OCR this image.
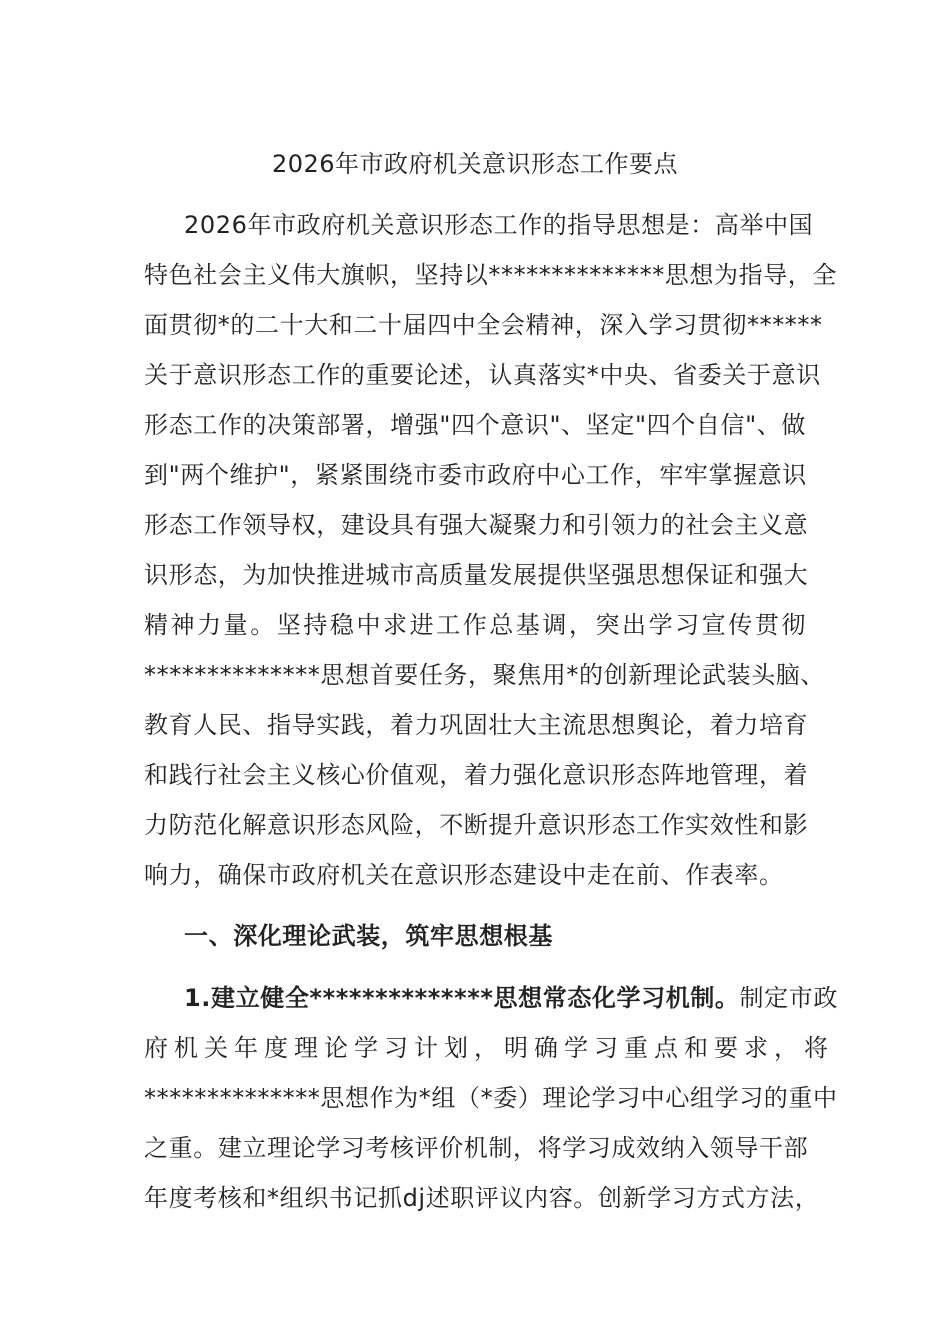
2026年市政府机关意识形态工作要点
2026年市政府机关意识形态工作的指导思想是：高举中国
特色社会主义伟大旗帜，坚持以**************思想为指导，全
面贯彻*的二十大和二十届四中全会精神，深入学习贯彻******
关于意识形态工作的重要论述，认真落实*中央、省委关于意识
形态工作的决策部署，增强"四个意识"、坚定"四个自信"、做
到"两个维护"，紧紧围绕市委市政府中心工作，牢牢掌握意识
形态工作领导权，建设具有强大凝聚力和引领力的社会主义意
识形态，为加快推进城市高质量发展提供坚强思想保证和强大
精神力量。坚持稳中求进工作总基调，突出学习宣传贯彻
**************思想首要任务，聚焦用*的创新理论武装头脑、
教育人民、指导实践，着力巩固壮大主流思想舆论，着力培育
和践行社会主义核心价值观，着力强化意识形态阵地管理，着
力防范化解意识形态风险，不断提升意识形态工作实效性和影
响力，确保市政府机关在意识形态建设中走在前、作表率。
一、深化理论武装，筑牢思想根基
1.建立健全**************思想常态化学习机制。制定市政
府机关年度理论学习计划，明确学习重点和要求，将
**************思想作为*组（*委）理论学习中心组学习的重中
之重。建立理论学习考核评价机制，将学习成效纳入领导干部
年度考核和*组织书记抓dj述职评议内容。创新学习方式方法，
